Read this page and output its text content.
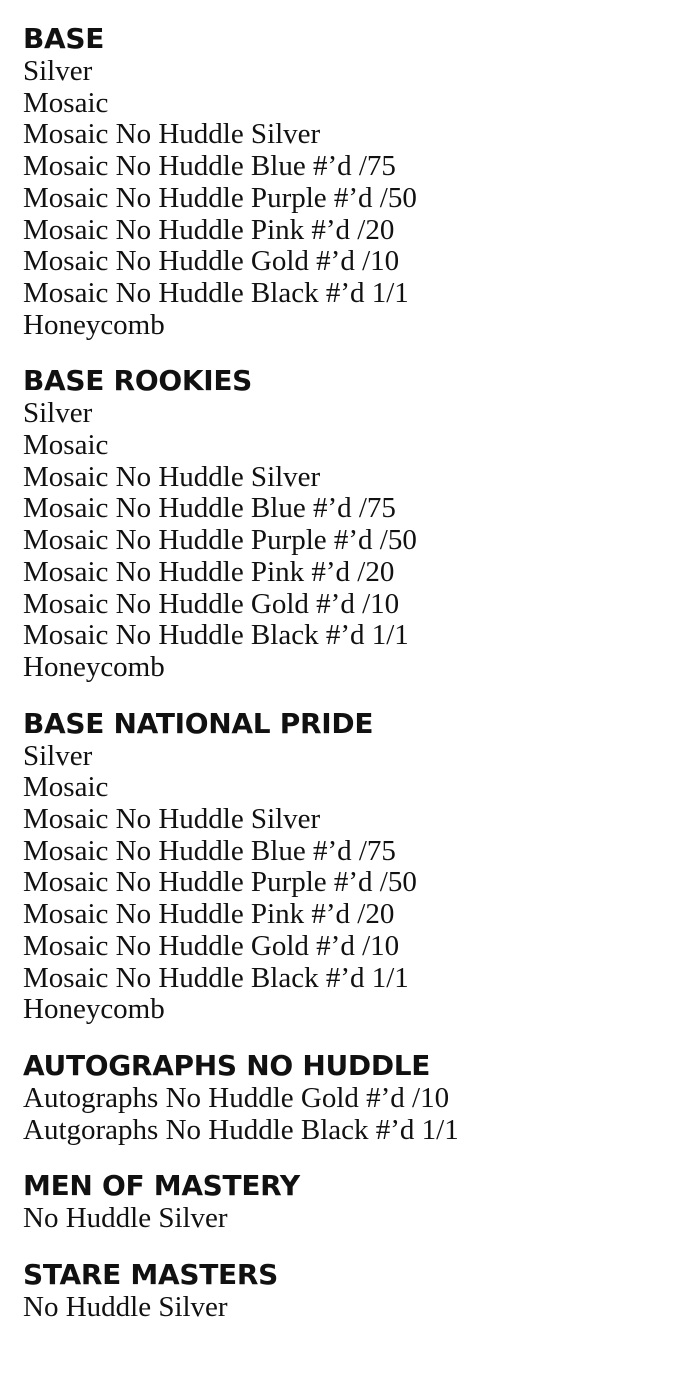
BASE
Silver
Mosaic
Mosaic No Huddle Silver
Mosaic No Huddle Blue #’d /75
Mosaic No Huddle Purple #’d /50
Mosaic No Huddle Pink #’d /20
Mosaic No Huddle Gold #’d /10
Mosaic No Huddle Black #’d 1/1
Honeycomb
BASE ROOKIES
Silver
Mosaic
Mosaic No Huddle Silver
Mosaic No Huddle Blue #’d /75
Mosaic No Huddle Purple #’d /50
Mosaic No Huddle Pink #’d /20
Mosaic No Huddle Gold #’d /10
Mosaic No Huddle Black #’d 1/1
Honeycomb
BASE NATIONAL PRIDE
Silver
Mosaic
Mosaic No Huddle Silver
Mosaic No Huddle Blue #’d /75
Mosaic No Huddle Purple #’d /50
Mosaic No Huddle Pink #’d /20
Mosaic No Huddle Gold #’d /10
Mosaic No Huddle Black #’d 1/1
Honeycomb
AUTOGRAPHS NO HUDDLE
Autographs No Huddle Gold #’d /10
Autgoraphs No Huddle Black #’d 1/1
MEN OF MASTERY
No Huddle Silver
STARE MASTERS
No Huddle Silver
